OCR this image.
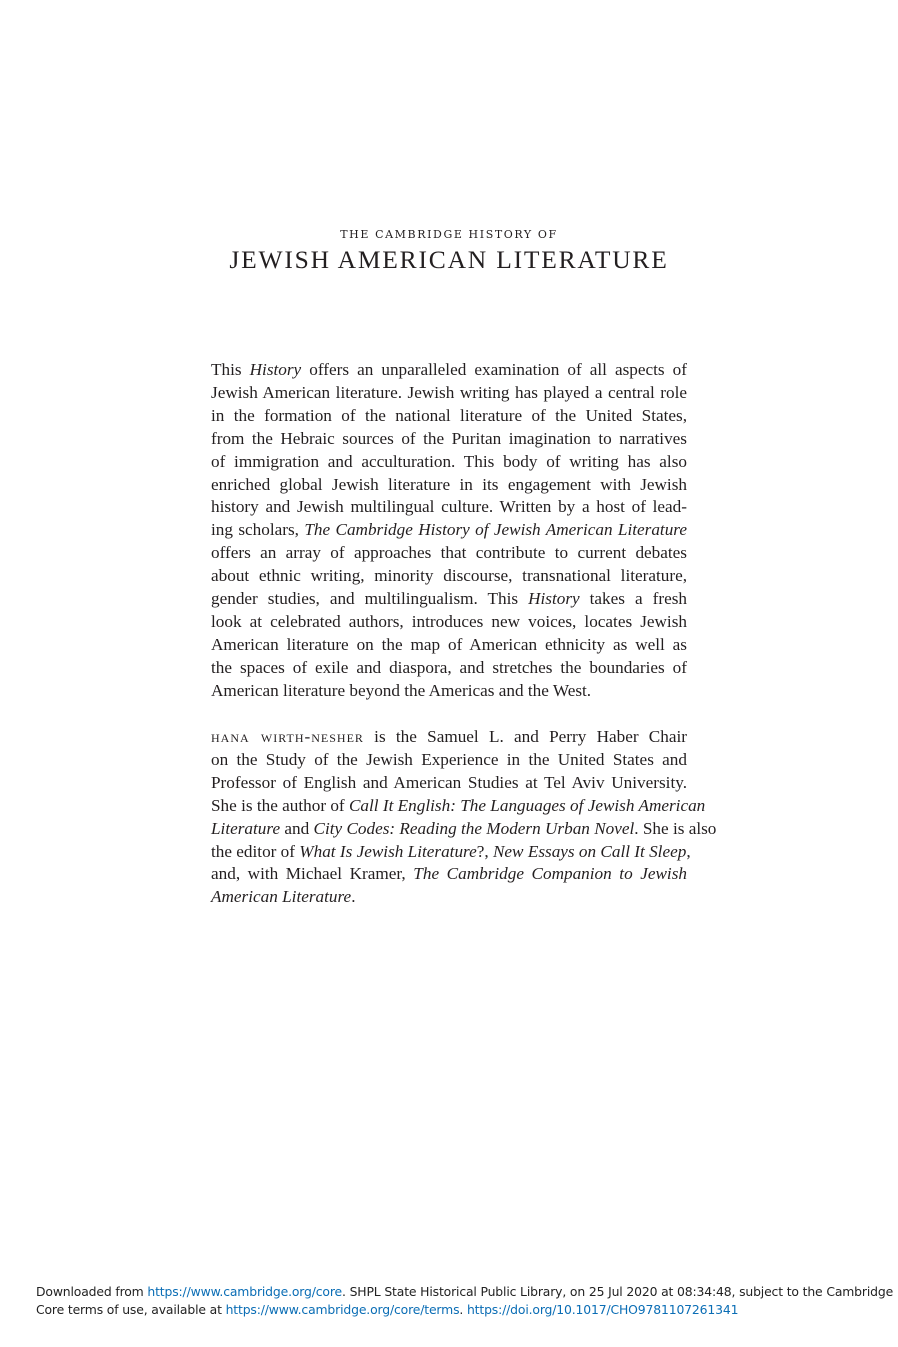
THE CAMBRIDGE HISTORY OF
JEWISH AMERICAN LITERATURE
This History offers an unparalleled examination of all aspects of
Jewish American literature. Jewish writing has played a central role
in the formation of the national literature of the United States,
from the Hebraic sources of the Puritan imagination to narratives
of immigration and acculturation. This body of writing has also
enriched global Jewish literature in its engagement with Jewish
history and Jewish multilingual culture. Written by a host of lead-
ing scholars, The Cambridge History of Jewish American Literature
offers an array of approaches that contribute to current debates
about ethnic writing, minority discourse, transnational literature,
gender studies, and multilingualism. This History takes a fresh
look at celebrated authors, introduces new voices, locates Jewish
American literature on the map of American ethnicity as well as
the spaces of exile and diaspora, and stretches the boundaries of
American literature beyond the Americas and the West.
hana wirth-nesher is the Samuel L. and Perry Haber Chair
on the Study of the Jewish Experience in the United States and
Professor of English and American Studies at Tel Aviv University.
She is the author of Call It English: The Languages of Jewish American
Literature and City Codes: Reading the Modern Urban Novel. She is also
the editor of What Is Jewish Literature?, New Essays on Call It Sleep,
and, with Michael Kramer, The Cambridge Companion to Jewish
American Literature.
Downloaded from https://www.cambridge.org/core. SHPL State Historical Public Library, on 25 Jul 2020 at 08:34:48, subject to the Cambridge
Core terms of use, available at https://www.cambridge.org/core/terms. https://doi.org/10.1017/CHO9781107261341
